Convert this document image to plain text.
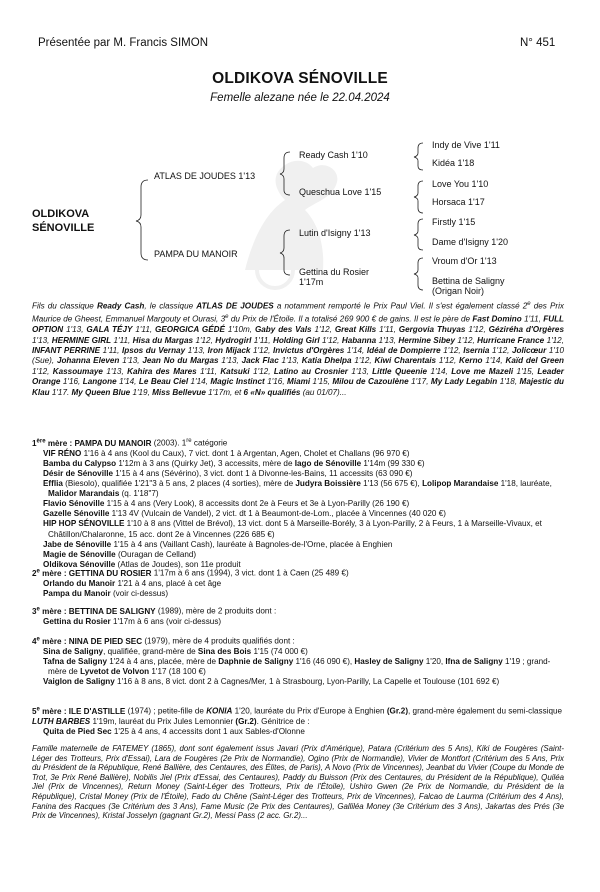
Présentée par M. Francis SIMON	N° 451
OLDIKOVA SÉNOVILLE
Femelle alezane née le 22.04.2024
OLDIKOVA
SÉNOVILLE
ATLAS DE JOUDES 1'13
PAMPA DU MANOIR
Ready Cash 1'10
Queschua Love 1'15
Lutin d'Isigny 1'13
Gettina du Rosier
1'17m
Indy de Vive 1'11
Kidéa 1'18
Love You 1'10
Horsaca 1'17
Firstly 1'15
Dame d'Isigny 1'20
Vroum d'Or 1'13
Bettina de Saligny
(Origan Noir)

Fils du classique Ready Cash, le classique ATLAS DE JOUDES a notamment remporté le Prix Paul Viel. Il s'est également classé 2e des Prix Maurice de Gheest, Emmanuel Margouty et Ourasi, 3e du Prix de l'Étoile. Il a totalisé 269 900 € de gains. Il est le père de Fast Domino 1'11, FULL OPTION 1'13, GALA TÉJY 1'11, GEORGICA GÉDÉ 1'10m, Gaby des Vals 1'12, Great Kills 1'11, Gergovia Thuyas 1'12, Géziréha d'Orgères 1'13, HERMINE GIRL 1'11, Hisa du Margas 1'12, Hydrogirl 1'11, Holding Girl 1'12, Habanna 1'13, Hermine Sibey 1'12, Hurricane France 1'12, INFANT PERRINE 1'11, Ipsos du Vernay 1'13, Iron Mijack 1'12, Invictus d'Orgères 1'14, Idéal de Dompierre 1'12, Isernia 1'12, Jolicœur 1'10 (Sue), Johanna Eleven 1'13, Jean No du Margas 1'13, Jack Flac 1'13, Katia Dhelpa 1'12, Kiwi Charentais 1'12, Kerno 1'14, Kaïd del Green 1'12, Kassoumaye 1'13, Kahira des Mares 1'11, Katsuki 1'12, Latino au Crosnier 1'13, Little Queenie 1'14, Love me Mazeli 1'15, Leader Orange 1'16, Langone 1'14, Le Beau Ciel 1'14, Magic Instinct 1'16, Miami 1'15, Milou de Cazoulène 1'17, My Lady Legabin 1'18, Majestic du Klau 1'17. My Queen Blue 1'19, Miss Bellevue 1'17m, et 6 «N» qualifiés (au 01/07)...

1ère mère : PAMPA DU MANOIR (2003). 1re catégorie

VIF RÉNO 1'16 à 4 ans (Kool du Caux), 7 vict. dont 1 à Argentan, Agen, Cholet et Challans (96 970 €)

Bamba du Calypso 1'12m à 3 ans (Quirky Jet), 3 accessits, mère de Iago de Sénoville 1'14m (99 330 €)

Désir de Sénoville 1'15 à 4 ans (Sévérino), 3 vict. dont 1 à Divonne-les-Bains, 11 accessits (63 090 €)

Efflia (Biesolo), qualifiée 1'21"3 à 5 ans, 2 places (4 sorties), mère de Judyra Boissière 1'13 (56 675 €), Lolipop Marandaise 1'18, lauréate, Malidor Marandais (q. 1'18"7)

Flavio Sénoville 1'15 à 4 ans (Very Look), 8 accessits dont 2e à Feurs et 3e à Lyon-Parilly (26 190 €)

Gazelle Sénoville 1'13 4V (Vulcain de Vandel), 2 vict. dt 1 à Beaumont-de-Lom., placée à Vincennes (40 020 €)

HIP HOP SÉNOVILLE 1'10 à 8 ans (Vittel de Brévol), 13 vict. dont 5 à Marseille-Borély, 3 à Lyon-Parilly, 2 à Feurs, 1 à Marseille-Vivaux, et Châtillon/Chalaronne, 15 acc. dont 2e à Vincennes (226 685 €)

Jabe de Sénoville 1'15 à 4 ans (Vaillant Cash), lauréate à Bagnoles-de-l'Orne, placée à Enghien

Magie de Sénoville (Ouragan de Celland)

Oldikova Sénoville (Atlas de Joudes), son 11e produit

2e mère : GETTINA DU ROSIER 1'17m à 6 ans (1994), 3 vict. dont 1 à Caen (25 489 €)

Orlando du Manoir 1'21 à 4 ans, placé à cet âge

Pampa du Manoir (voir ci-dessus)

3e mère : BETTINA DE SALIGNY (1989), mère de 2 produits dont :

Gettina du Rosier 1'17m à 6 ans (voir ci-dessus)

4e mère : NINA DE PIED SEC (1979), mère de 4 produits qualifiés dont :

Sina de Saligny, qualifiée, grand-mère de Sina des Bois 1'15 (74 000 €)

Tafna de Saligny 1'24 à 4 ans, placée, mère de Daphnie de Saligny 1'16 (46 090 €), Hasley de Saligny 1'20, Ifna de Saligny 1'19 ; grand-mère de Lyvetot de Volvon 1'17 (18 100 €)

Vaiglon de Saligny 1'16 à 8 ans, 8 vict. dont 2 à Cagnes/Mer, 1 à Strasbourg, Lyon-Parilly, La Capelle et Toulouse (101 692 €)

5e mère : ILE D'ASTILLE (1974) ; petite-fille de KONIA 1'20, lauréate du Prix d'Europe à Enghien (Gr.2), grand-mère également du semi-classique LUTH BARBES 1'19m, lauréat du Prix Jules Lemonnier (Gr.2). Génitrice de :

Quita de Pied Sec 1'25 à 4 ans, 4 accessits dont 1 aux Sables-d'Olonne

Famille maternelle de FATEMEY (1865), dont sont également issus Javari (Prix d'Amérique), Patara (Critérium des 5 Ans), Kiki de Fougères (Saint-Léger des Trotteurs, Prix d'Essai), Lara de Fougères (2e Prix de Normandie), Ogino (Prix de Normandie), Vivier de Montfort (Critérium des 5 Ans, Prix du Président de la République, René Ballière, des Centaures, des Élites, de Paris), A Novo (Prix de Vincennes), Jeanbat du Vivier (Coupe du Monde de Trot, 3e Prix René Ballière), Nobilis Jiel (Prix d'Essai, des Centaures), Paddy du Buisson (Prix des Centaures, du Président de la République), Quiléa Jiel (Prix de Vincennes), Return Money (Saint-Léger des Trotteurs, Prix de l'Étoile), Ushiro Gwen (2e Prix de Normandie, du Président de la République), Cristal Money (Prix de l'Étoile), Fado du Chêne (Saint-Léger des Trotteurs, Prix de Vincennes), Falcao de Laurma (Critérium des 4 Ans), Fanina des Racques (3e Critérium des 3 Ans), Fame Music (2e Prix des Centaures), Galliléa Money (3e Critérium des 3 Ans), Jakartas des Prés (3e Prix de Vincennes), Kristal Josselyn (gagnant Gr.2), Messi Pass (2 acc. Gr.2)...
